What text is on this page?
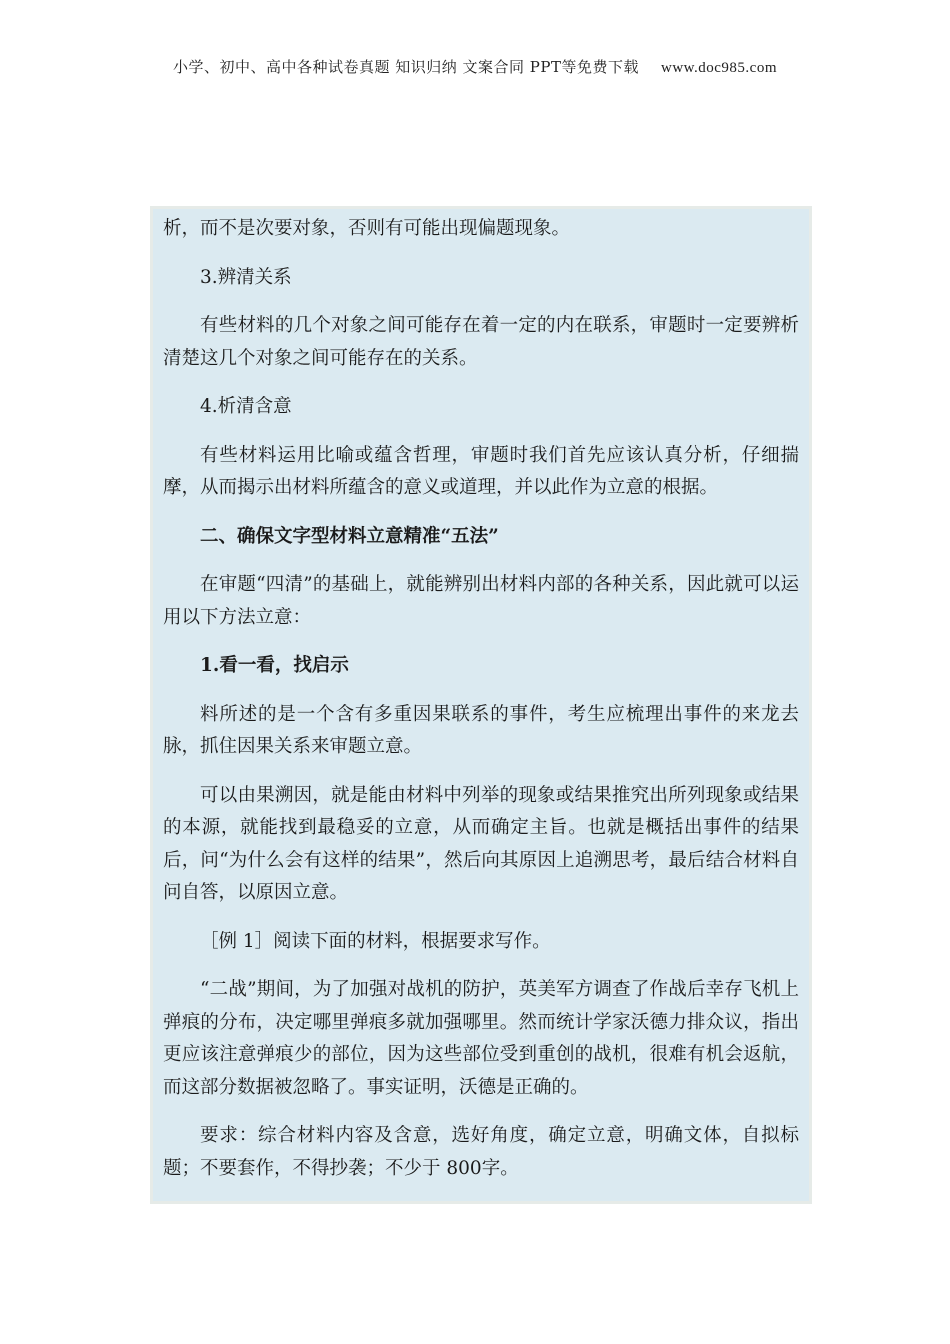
小学、初中、高中各种试卷真题 知识归纳 文案合同 PPT等免费下载 www.doc985.com

析，而不是次要对象，否则有可能出现偏题现象。

3.辨清关系

有些材料的几个对象之间可能存在着一定的内在联系，审题时一定要辨析清楚这几个对象之间可能存在的关系。

4.析清含意

有些材料运用比喻或蕴含哲理，审题时我们首先应该认真分析，仔细揣摩，从而揭示出材料所蕴含的意义或道理，并以此作为立意的根据。

二、确保文字型材料立意精准“五法”

在审题“四清”的基础上，就能辨别出材料内部的各种关系，因此就可以运用以下方法立意：

1.看一看，找启示

料所述的是一个含有多重因果联系的事件，考生应梳理出事件的来龙去脉，抓住因果关系来审题立意。

可以由果溯因，就是能由材料中列举的现象或结果推究出所列现象或结果的本源，就能找到最稳妥的立意，从而确定主旨。也就是概括出事件的结果后，问“为什么会有这样的结果”，然后向其原因上追溯思考，最后结合材料自问自答，以原因立意。

［例 1］阅读下面的材料，根据要求写作。

“二战”期间，为了加强对战机的防护，英美军方调查了作战后幸存飞机上弹痕的分布，决定哪里弹痕多就加强哪里。然而统计学家沃德力排众议，指出更应该注意弹痕少的部位，因为这些部位受到重创的战机，很难有机会返航，而这部分数据被忽略了。事实证明，沃德是正确的。

要求：综合材料内容及含意，选好角度，确定立意，明确文体，自拟标题；不要套作，不得抄袭；不少于 800字。
